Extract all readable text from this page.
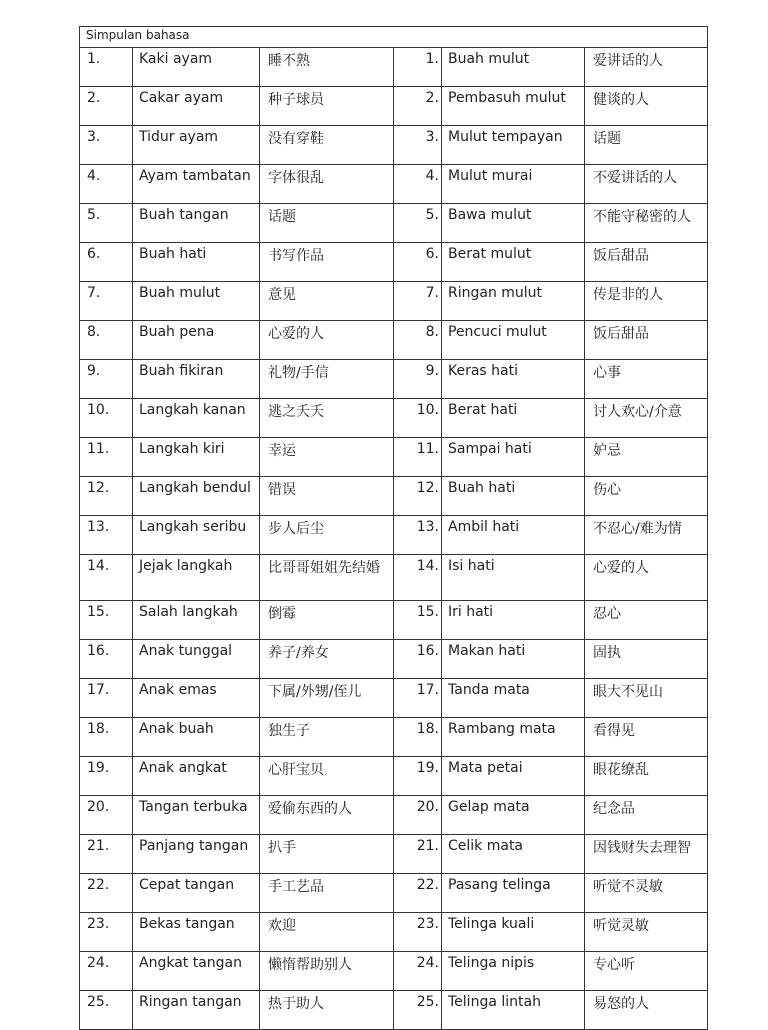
Simpulan bahasa					
1.	Kaki ayam	睡不熟	1.	Buah mulut	爱讲话的人
2.	Cakar ayam	种子球员	2.	Pembasuh mulut	健谈的人
3.	Tidur ayam	没有穿鞋	3.	Mulut tempayan	话题
4.	Ayam tambatan	字体很乱	4.	Mulut murai	不爱讲话的人
5.	Buah tangan	话题	5.	Bawa mulut	不能守秘密的人
6.	Buah hati	书写作品	6.	Berat mulut	饭后甜品
7.	Buah mulut	意见	7.	Ringan mulut	传是非的人
8.	Buah pena	心爱的人	8.	Pencuci mulut	饭后甜品
9.	Buah fikiran	礼物/手信	9.	Keras hati	心事
10.	Langkah kanan	逃之夭夭	10.	Berat hati	讨人欢心/介意
11.	Langkah kiri	幸运	11.	Sampai hati	妒忌
12.	Langkah bendul	错误	12.	Buah hati	伤心
13.	Langkah seribu	步人后尘	13.	Ambil hati	不忍心/难为情
14.	Jejak langkah	比哥哥姐姐先结婚	14.	Isi hati	心爱的人
15.	Salah langkah	倒霉	15.	Iri hati	忍心
16.	Anak tunggal	养子/养女	16.	Makan hati	固执
17.	Anak emas	下属/外甥/侄儿	17.	Tanda mata	眼大不见山
18.	Anak buah	独生子	18.	Rambang mata	看得见
19.	Anak angkat	心肝宝贝	19.	Mata petai	眼花缭乱
20.	Tangan terbuka	爱偷东西的人	20.	Gelap mata	纪念品
21.	Panjang tangan	扒手	21.	Celik mata	因钱财失去理智
22.	Cepat tangan	手工艺品	22.	Pasang telinga	听觉不灵敏
23.	Bekas tangan	欢迎	23.	Telinga kuali	听觉灵敏
24.	Angkat tangan	懒惰帮助别人	24.	Telinga nipis	专心听
25.	Ringan tangan	热于助人	25.	Telinga lintah	易怒的人
